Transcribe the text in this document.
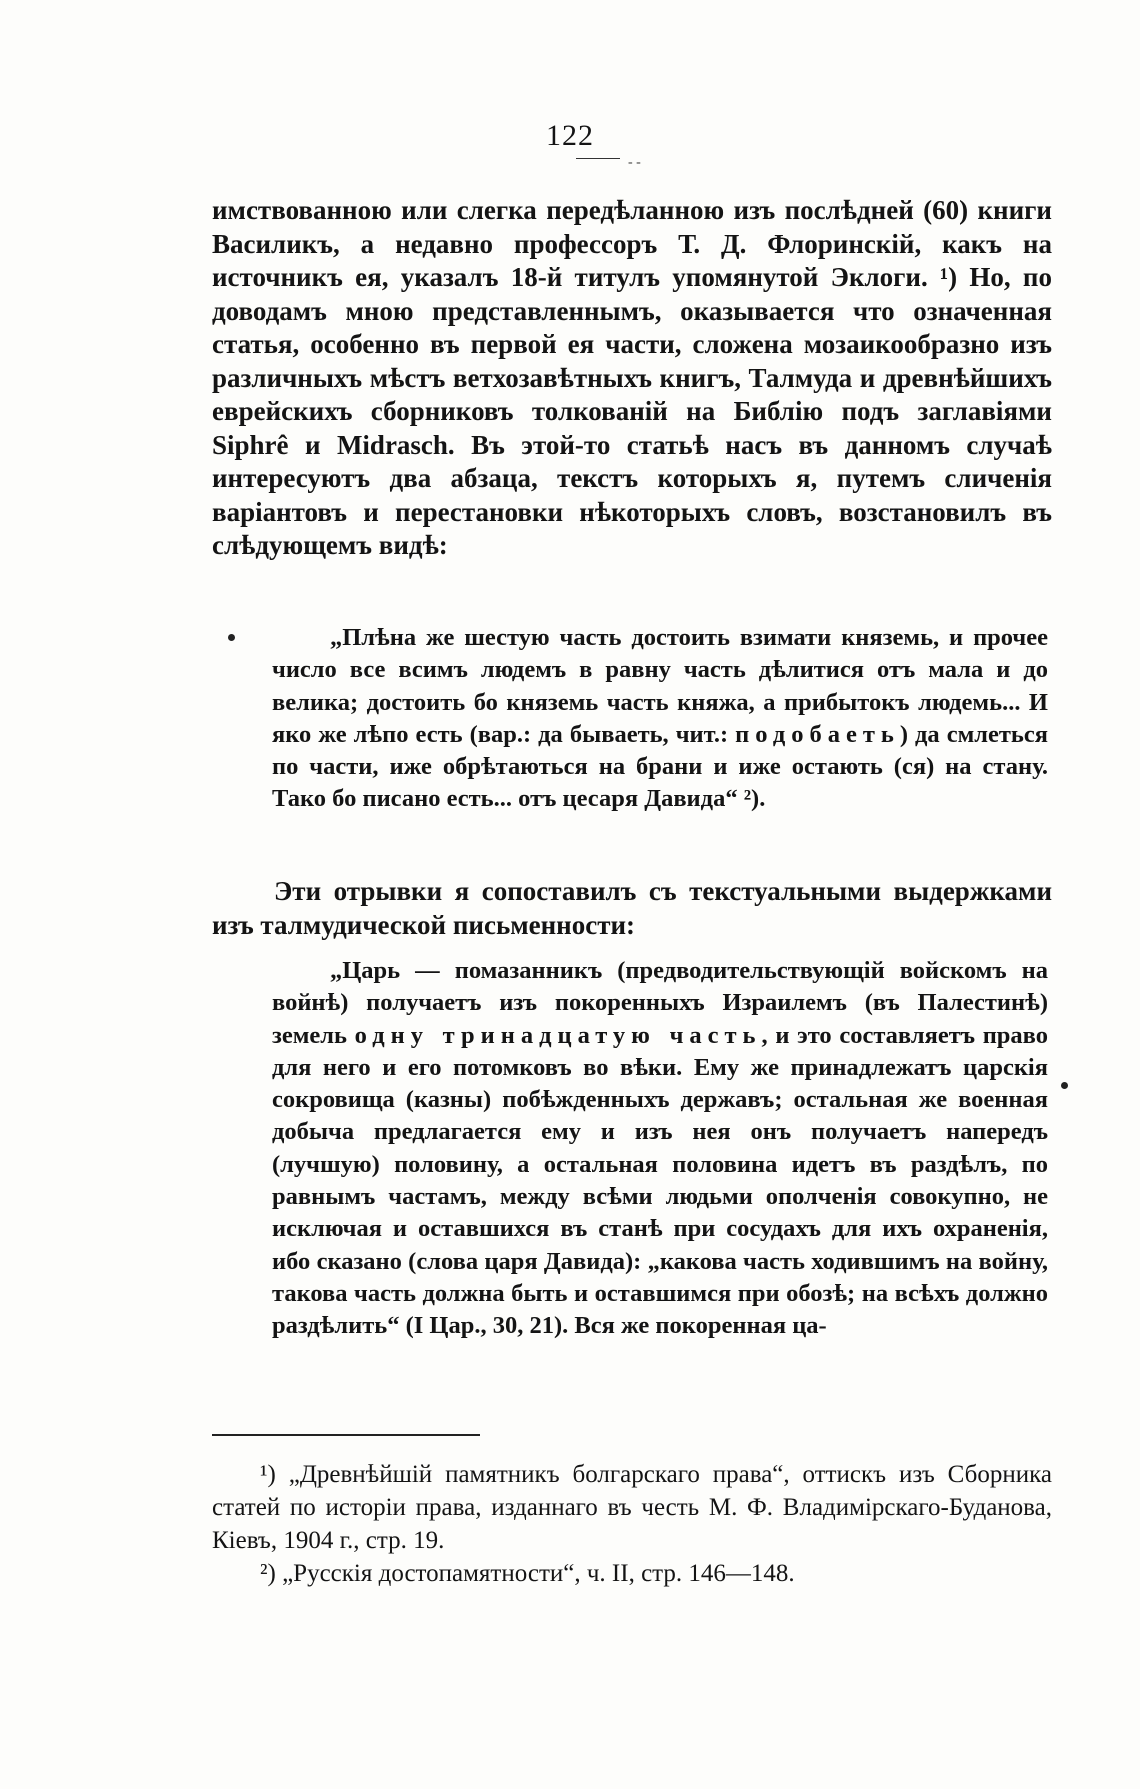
122
- -

имствованною или слегка передѣланною изъ послѣдней (60) книги Василикъ, а недавно профессоръ Т. Д. Флоринскій, какъ на источникъ ея, указалъ 18-й титулъ упомянутой Эклоги. ¹) Но, по доводамъ мною представленнымъ, оказывается что означенная статья, особенно въ первой ея части, сложена мозаикообразно изъ различныхъ мѣстъ ветхозавѣтныхъ книгъ, Талмуда и древнѣйшихъ еврейскихъ сборниковъ толкованій на Библію подъ заглавіями Siphrê и Midrasch. Въ этой-то статьѣ насъ въ данномъ случаѣ интересуютъ два абзаца, текстъ которыхъ я, путемъ сличенія варіантовъ и перестановки нѣкоторыхъ словъ, возстановилъ въ слѣдующемъ видѣ:

„Плѣна же шестую часть достоить взимати княземь, и прочее число все всимъ людемъ в равну часть дѣлитися отъ мала и до велика; достоить бо княземь часть княжа, а прибытокъ людемь... И яко же лѣпо есть (вар.: да бываеть, чит.: подобаеть) да смлеться по части, иже обрѣтаються на брани и иже остають (ся) на стану. Тако бо писано есть... отъ цесаря Давида“ ²).

Эти отрывки я сопоставилъ съ текстуальными выдержками изъ талмудической письменности:

„Царь — помазанникъ (предводительствующій войскомъ на войнѣ) получаетъ изъ покоренныхъ Израилемъ (въ Палестинѣ) земель одну тринадцатую часть, и это составляетъ право для него и его потомковъ во вѣки. Ему же принадлежатъ царскія сокровища (казны) побѣжденныхъ державъ; остальная же военная добыча предлагается ему и изъ нея онъ получаетъ напередъ (лучшую) половину, а остальная половина идетъ въ раздѣлъ, по равнымъ частамъ, между всѣми людьми ополченія совокупно, не исключая и оставшихся въ станѣ при сосудахъ для ихъ охраненія, ибо сказано (слова царя Давида): „какова часть ходившимъ на войну, такова часть должна быть и оставшимся при обозѣ; на всѣхъ должно раздѣлить“ (I Цар., 30, 21). Вся же покоренная ца-

¹) „Древнѣйшій памятникъ болгарскаго права“, оттискъ изъ Сборника статей по исторіи права, изданнаго въ честь М. Ф. Владимірскаго-Буданова, Кіевъ, 1904 г., стр. 19.

²) „Русскія достопамятности“, ч. II, стр. 146—148.
